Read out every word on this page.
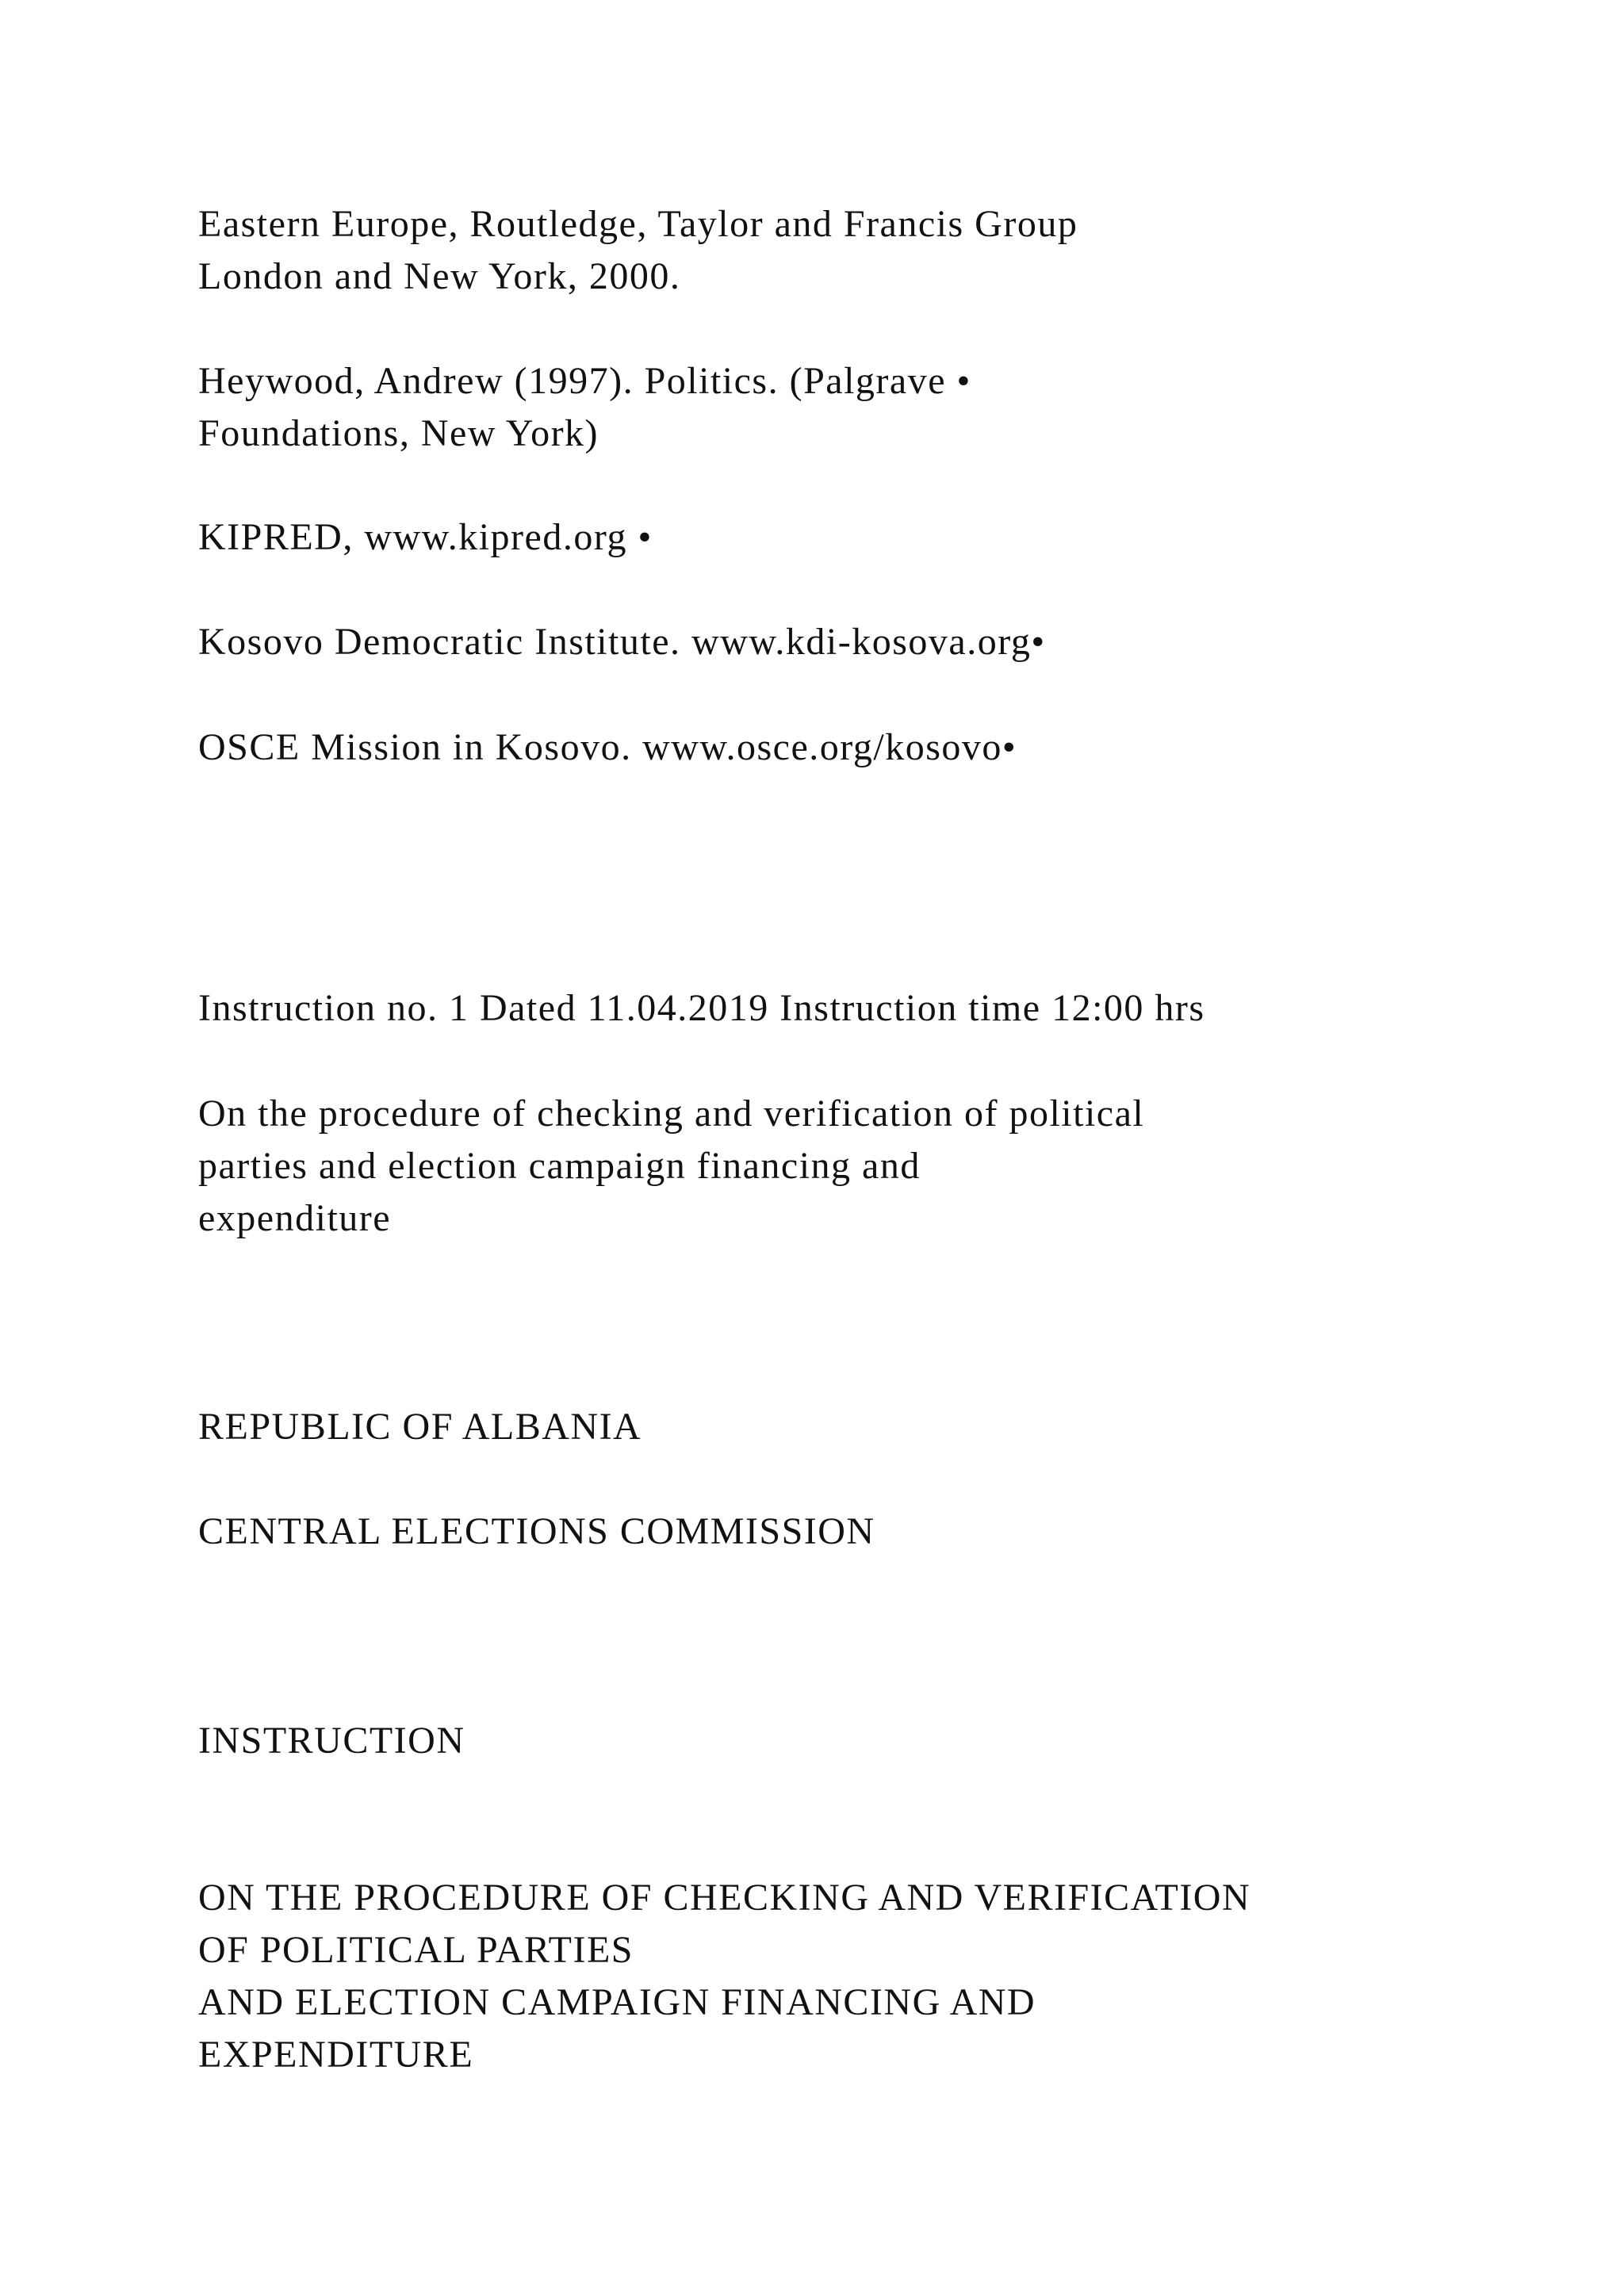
Eastern Europe, Routledge, Taylor and Francis Group
London and New York, 2000.
Heywood, Andrew (1997). Politics. (Palgrave •
Foundations, New York)
KIPRED, www.kipred.org •
Kosovo Democratic Institute. www.kdi-kosova.org•
OSCE Mission in Kosovo. www.osce.org/kosovo•
Instruction no. 1 Dated 11.04.2019 Instruction time 12:00 hrs
On the procedure of checking and verification of political
parties and election campaign financing and
expenditure
REPUBLIC OF ALBANIA
CENTRAL ELECTIONS COMMISSION
INSTRUCTION
ON THE PROCEDURE OF CHECKING AND VERIFICATION
OF POLITICAL PARTIES
AND ELECTION CAMPAIGN FINANCING AND
EXPENDITURE
